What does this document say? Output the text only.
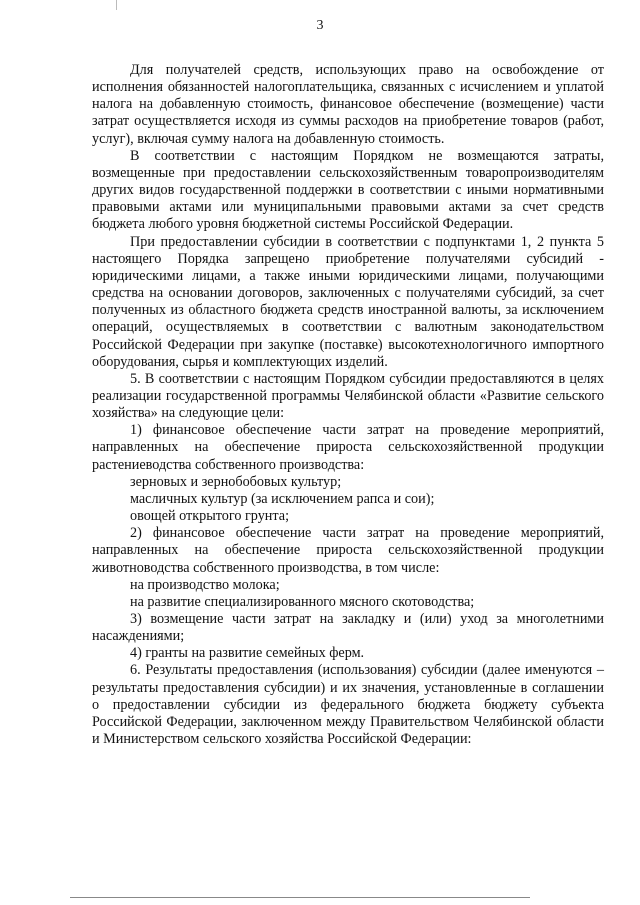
3

Для получателей средств, использующих право на освобождение от исполнения обязанностей налогоплательщика, связанных с исчислением и уплатой налога на добавленную стоимость, финансовое обеспечение (возмещение) части затрат осуществляется исходя из суммы расходов на приобретение товаров (работ, услуг), включая сумму налога на добавленную стоимость.

В соответствии с настоящим Порядком не возмещаются затраты, возмещенные при предоставлении сельскохозяйственным товаропроизводителям других видов государственной поддержки в соответствии с иными нормативными правовыми актами или муниципальными правовыми актами за счет средств бюджета любого уровня бюджетной системы Российской Федерации.

При предоставлении субсидии в соответствии с подпунктами 1, 2 пункта 5 настоящего Порядка запрещено приобретение получателями субсидий - юридическими лицами, а также иными юридическими лицами, получающими средства на основании договоров, заключенных с получателями субсидий, за счет полученных из областного бюджета средств иностранной валюты, за исключением операций, осуществляемых в соответствии с валютным законодательством Российской Федерации при закупке (поставке) высокотехнологичного импортного оборудования, сырья и комплектующих изделий.

5. В соответствии с настоящим Порядком субсидии предоставляются в целях реализации государственной программы Челябинской области «Развитие сельского хозяйства» на следующие цели:

1) финансовое обеспечение части затрат на проведение мероприятий, направленных на обеспечение прироста сельскохозяйственной продукции растениеводства собственного производства:

зерновых и зернобобовых культур;

масличных культур (за исключением рапса и сои);

овощей открытого грунта;

2) финансовое обеспечение части затрат на проведение мероприятий, направленных на обеспечение прироста сельскохозяйственной продукции животноводства собственного производства, в том числе:

на производство молока;

на развитие специализированного мясного скотоводства;

3) возмещение части затрат на закладку и (или) уход за многолетними насаждениями;

4) гранты на развитие семейных ферм.

6. Результаты предоставления (использования) субсидии (далее именуются – результаты предоставления субсидии) и их значения, установленные в соглашении о предоставлении субсидии из федерального бюджета бюджету субъекта Российской Федерации, заключенном между Правительством Челябинской области и Министерством сельского хозяйства Российской Федерации:
